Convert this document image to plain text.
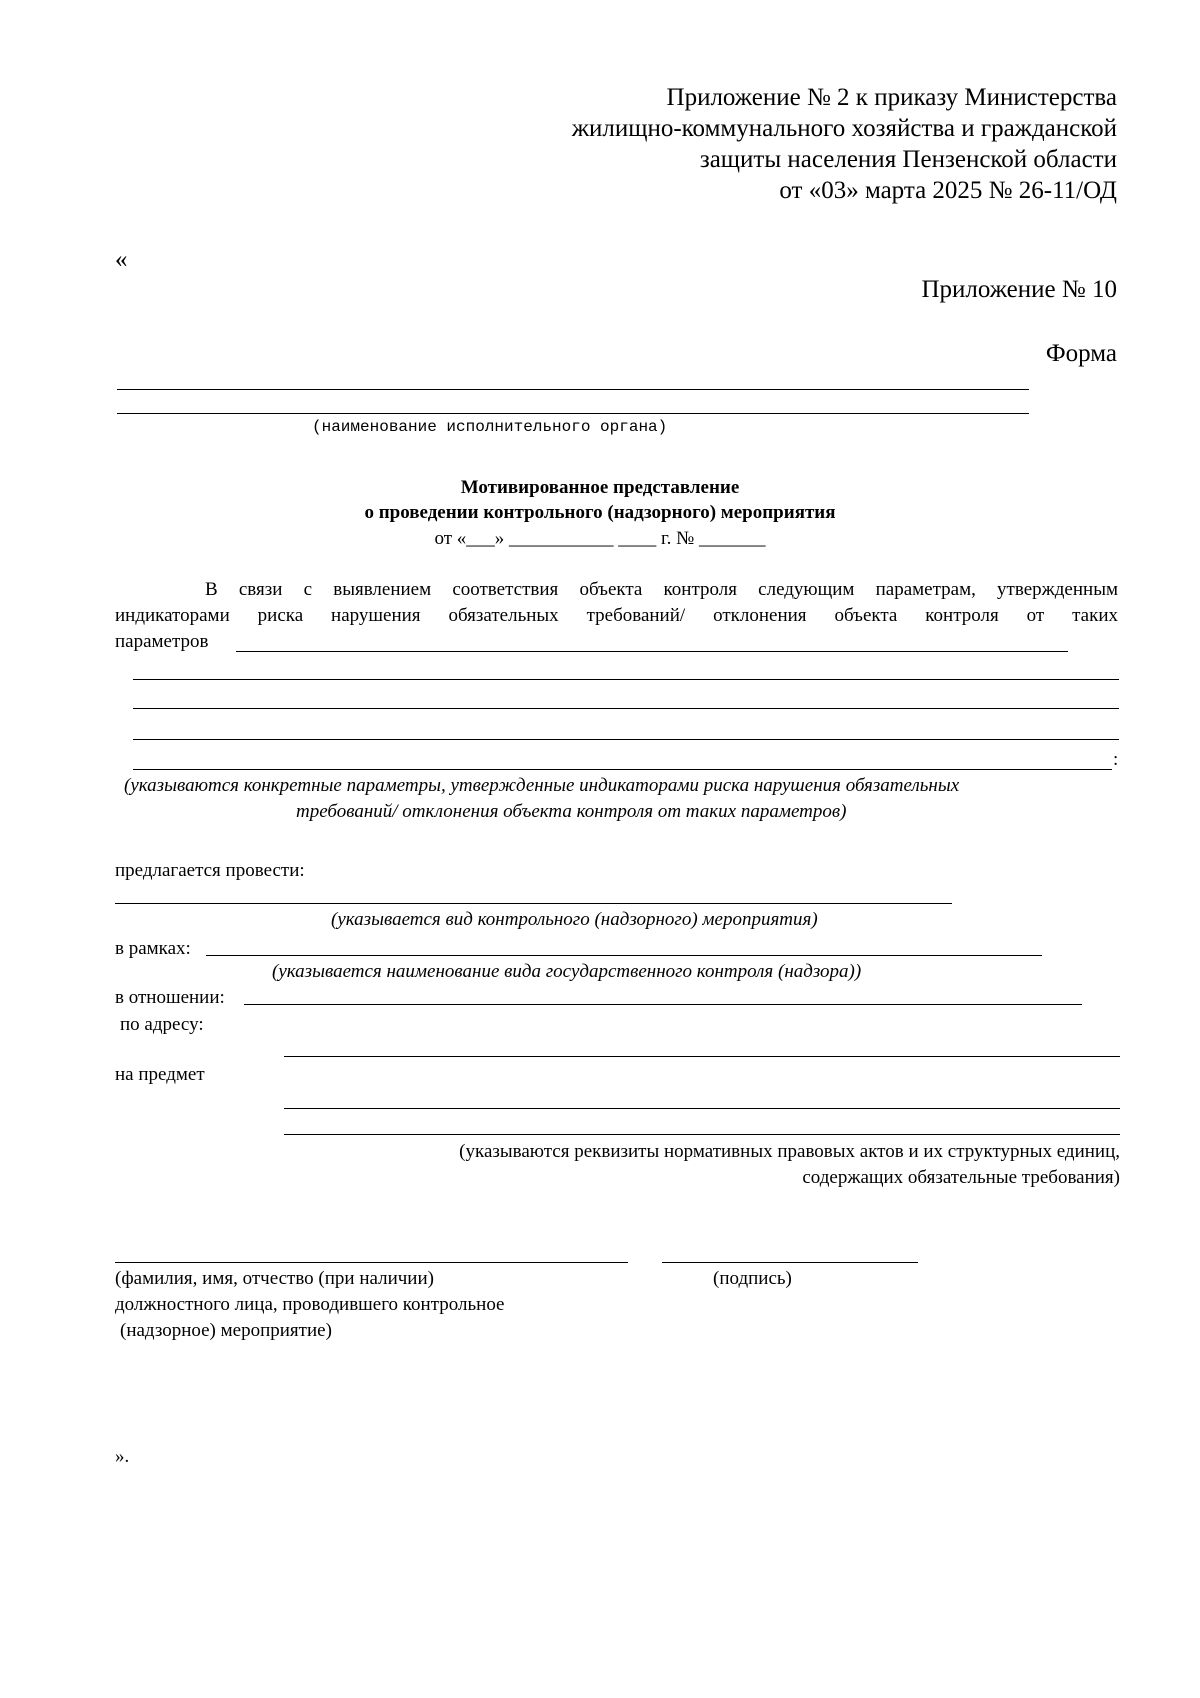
Приложение № 2 к приказу Министерства
жилищно-коммунального хозяйства и гражданской
защиты населения Пензенской области
от «03» марта 2025 № 26-11/ОД
«
Приложение № 10
Форма
(наименование исполнительного органа)
Мотивированное представление
о проведении контрольного (надзорного) мероприятия
от «___» ___________ ____ г. № _______
В связи с выявлением соответствия объекта контроля следующим параметрам, утвержденным
индикаторами риска нарушения обязательных требований/ отклонения объекта контроля от таких
параметров
:
(указываются конкретные параметры, утвержденные индикаторами риска нарушения обязательных
требований/ отклонения объекта контроля от таких параметров)
предлагается провести:
(указывается вид контрольного (надзорного) мероприятия)
в рамках:
(указывается наименование вида государственного контроля (надзора))
в отношении:
по адресу:
на предмет
(указываются реквизиты нормативных правовых актов и их структурных единиц,
содержащих обязательные требования)
(фамилия, имя, отчество (при наличии)	(подпись)
должностного лица, проводившего контрольное
(надзорное) мероприятие)
».
